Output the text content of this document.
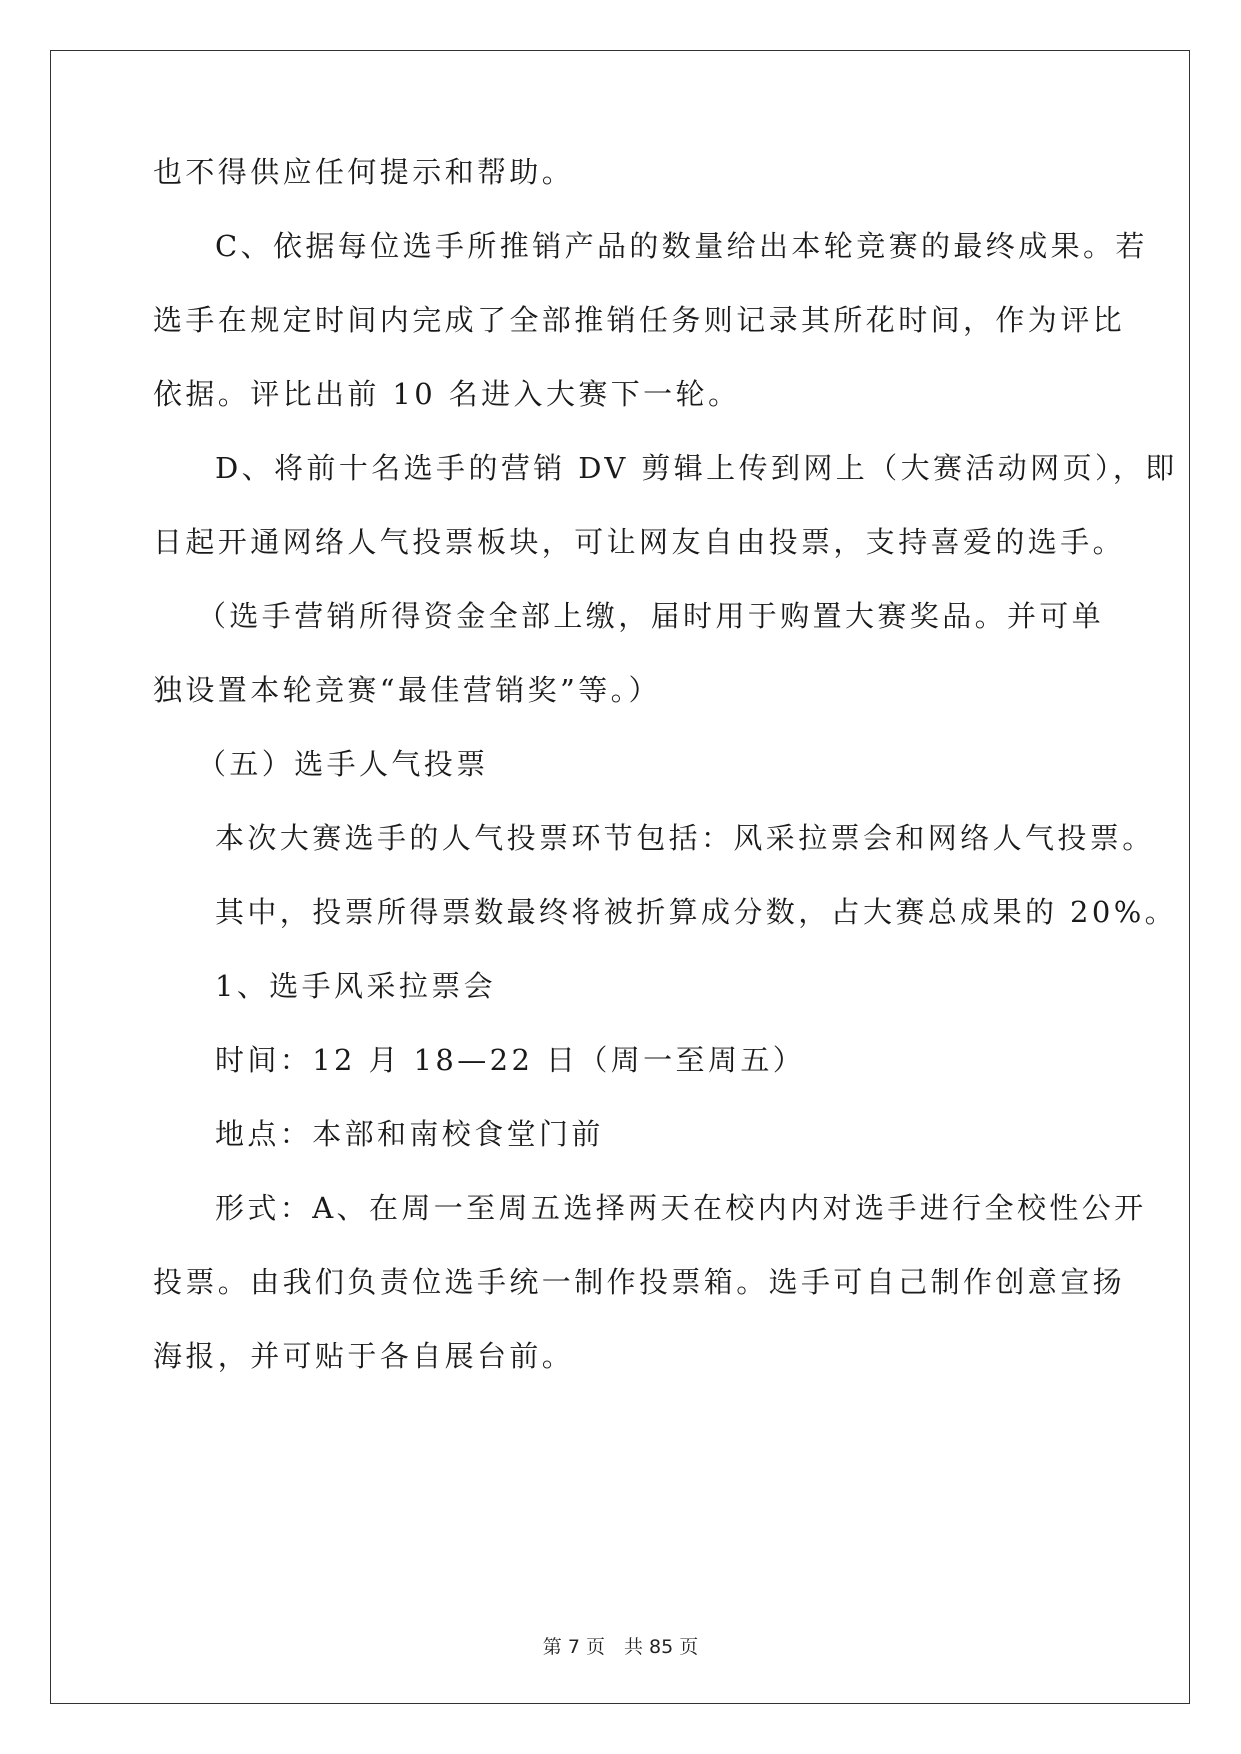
也不得供应任何提示和帮助。
C、依据每位选手所推销产品的数量给出本轮竞赛的最终成果。若
选手在规定时间内完成了全部推销任务则记录其所花时间，作为评比
依据。评比出前 10 名进入大赛下一轮。
D、将前十名选手的营销 DV 剪辑上传到网上（大赛活动网页），即
日起开通网络人气投票板块，可让网友自由投票，支持喜爱的选手。
（选手营销所得资金全部上缴，届时用于购置大赛奖品。并可单
独设置本轮竞赛“最佳营销奖”等。）
（五）选手人气投票
本次大赛选手的人气投票环节包括：风采拉票会和网络人气投票。
其中，投票所得票数最终将被折算成分数，占大赛总成果的 20%。
1、选手风采拉票会
时间：12 月 18—22 日（周一至周五）
地点：本部和南校食堂门前
形式：A、在周一至周五选择两天在校内内对选手进行全校性公开
投票。由我们负责位选手统一制作投票箱。选手可自己制作创意宣扬
海报，并可贴于各自展台前。
第 7 页　共 85 页
